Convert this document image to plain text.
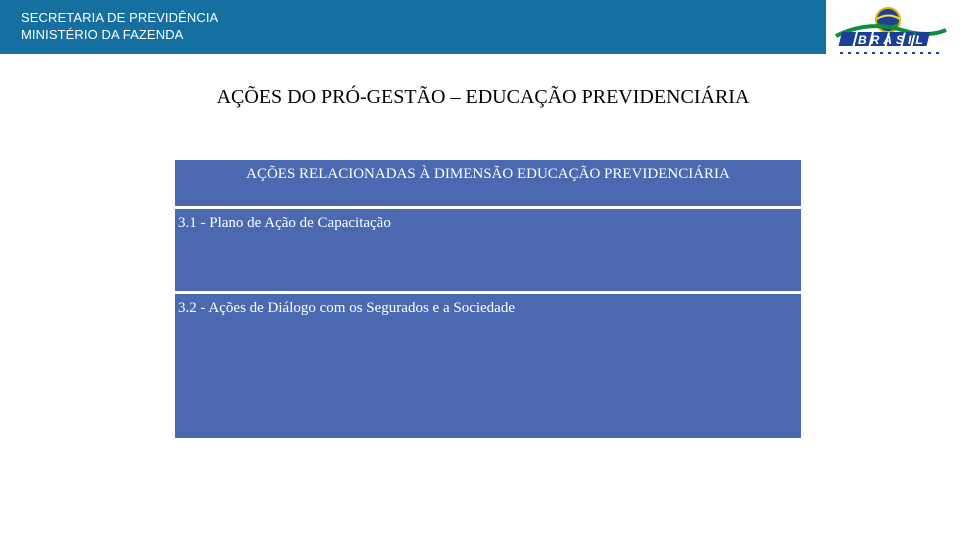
SECRETARIA DE PREVIDÊNCIA
MINISTÉRIO DA FAZENDA	BRASIL
AÇÕES DO PRÓ-GESTÃO – EDUCAÇÃO PREVIDENCIÁRIA
AÇÕES RELACIONADAS À DIMENSÃO EDUCAÇÃO PREVIDENCIÁRIA
3.1 - Plano de Ação de Capacitação
3.2 - Ações de Diálogo com os Segurados e a Sociedade
